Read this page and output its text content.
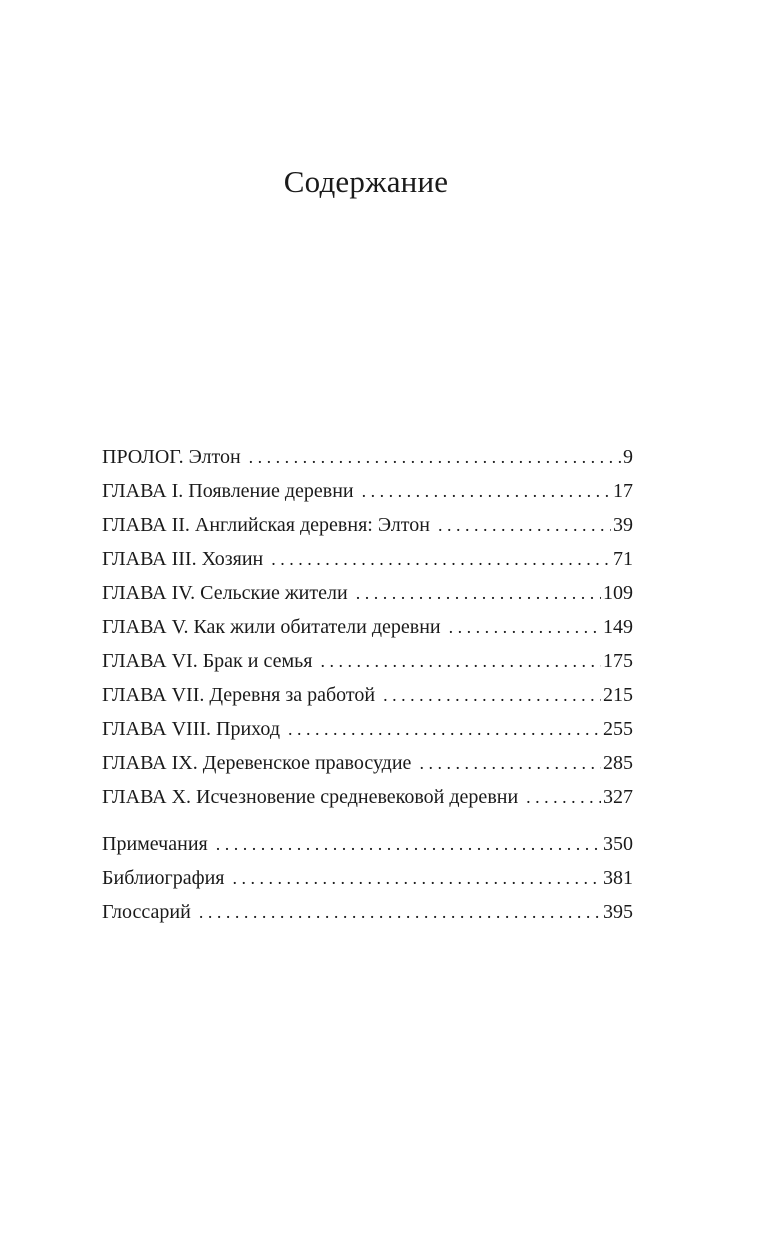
Содержание
ПРОЛОГ. Элтон . . .	9
ГЛАВА I. Появление деревни . . .	17
ГЛАВА II. Английская деревня: Элтон . . .	39
ГЛАВА III. Хозяин . . .	71
ГЛАВА IV. Сельские жители . . .	109
ГЛАВА V. Как жили обитатели деревни . . .	149
ГЛАВА VI. Брак и семья . . .	175
ГЛАВА VII. Деревня за работой . . .	215
ГЛАВА VIII. Приход . . .	255
ГЛАВА IX. Деревенское правосудие . . .	285
ГЛАВА X. Исчезновение средневековой деревни . . .	327
Примечания . . .	350
Библиография . . .	381
Глоссарий . . .	395
